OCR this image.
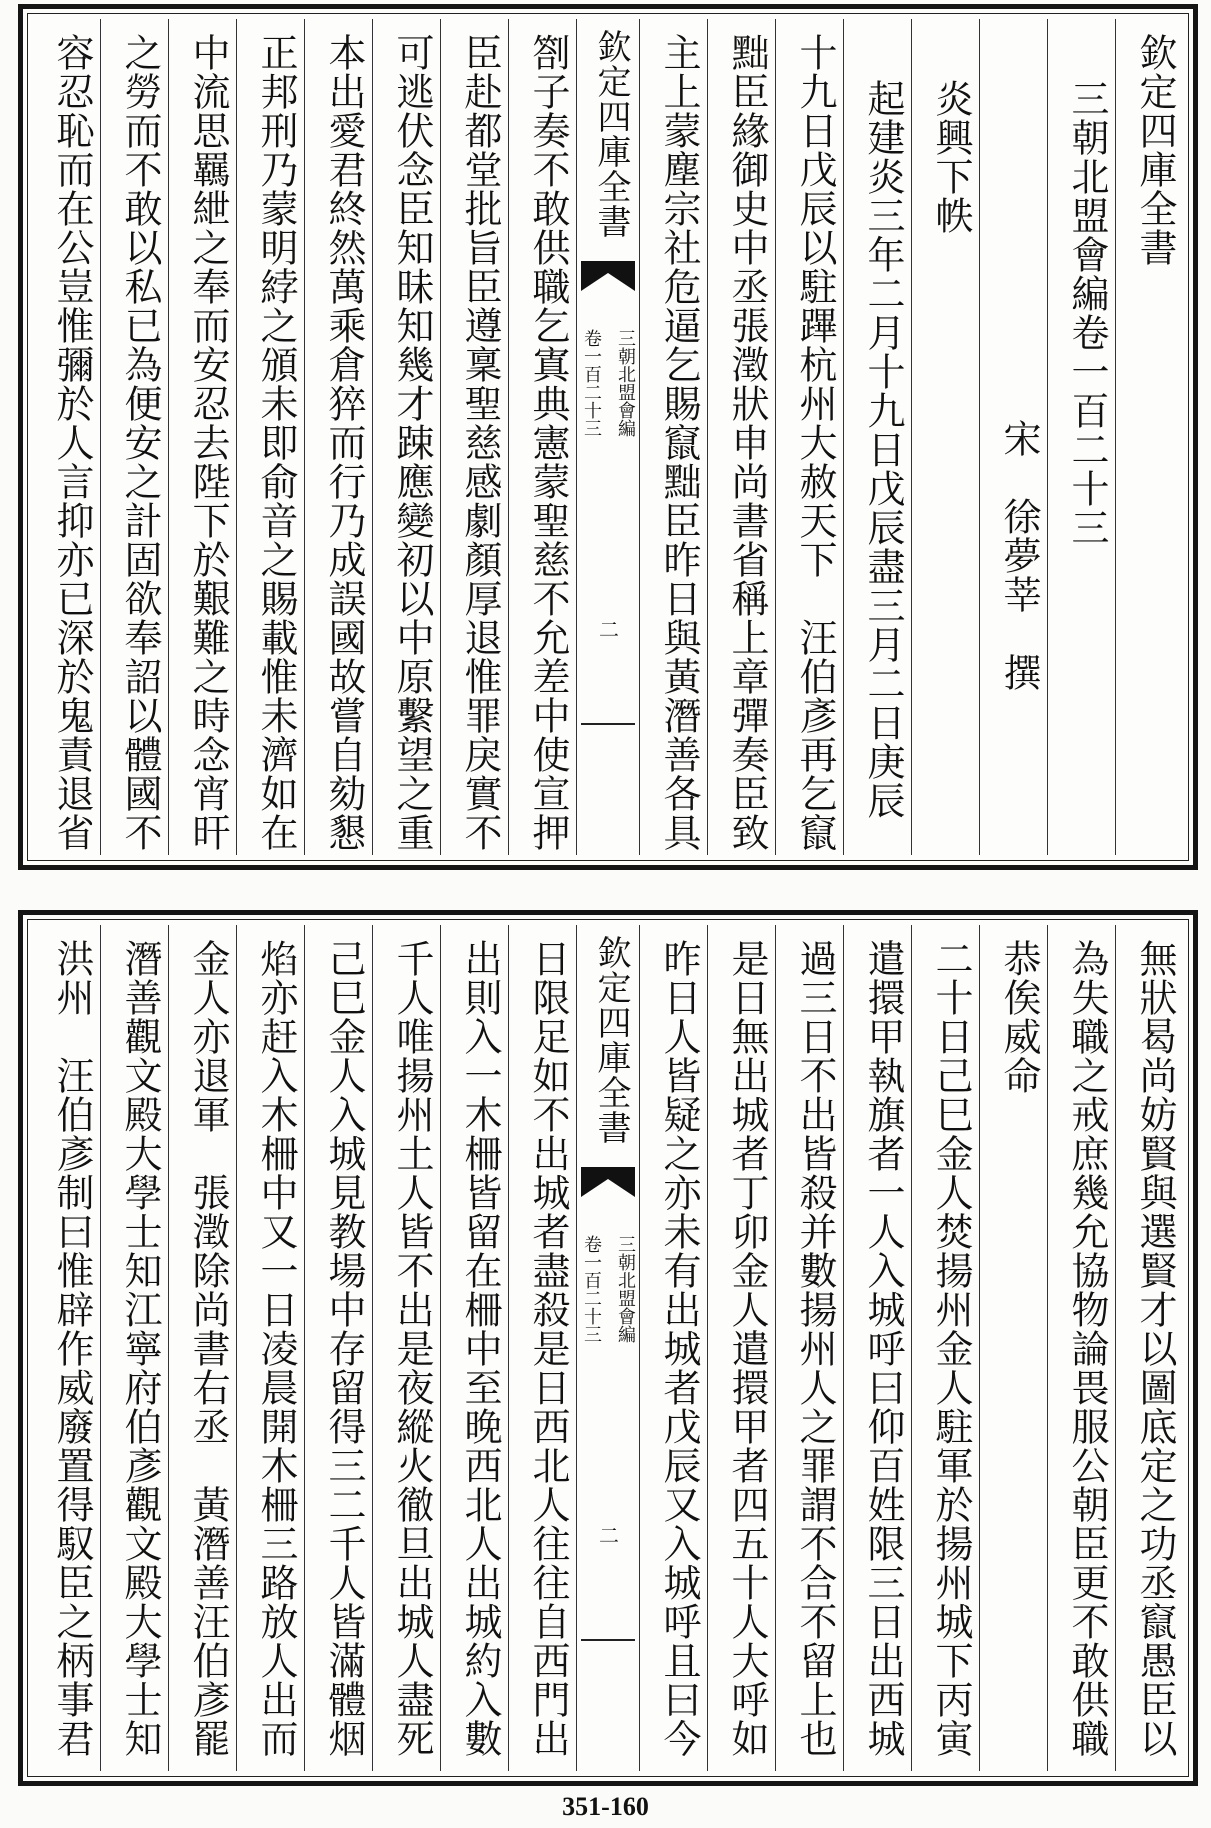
欽定四庫全書
三朝北盟會編卷一百二十三
宋　徐夢莘　撰
炎興下帙
起建炎三年二月十九日戊辰盡三月二日庚辰
十九日戊辰以駐蹕杭州大赦天下　汪伯彥再乞竄
黜臣緣御史中丞張澂狀申尚書省稱上章彈奏臣致
主上蒙塵宗社危逼乞賜竄黜臣昨日與黃潛善各具
欽定四庫全書
三朝北盟會編
卷一百二十三
二
劄子奏不敢供職乞寘典憲蒙聖慈不允差中使宣押
臣赴都堂批旨臣遵稟聖慈感劇顏厚退惟罪戾實不
可逃伏念臣知昧知幾才踈應變初以中原繫望之重
本出愛君終然萬乘倉猝而行乃成誤國故嘗自劾懇
正邦刑乃蒙明綍之頒未即俞音之賜載惟未濟如在
中流思羈紲之奉而安忍去陛下於艱難之時念宵旰
之勞而不敢以私已為便安之計固欲奉詔以體國不
容忍恥而在公豈惟彌於人言抑亦已深於鬼責退省
無狀曷尚妨賢與選賢才以圖底定之功丞竄愚臣以
為失職之戒庶幾允協物論畏服公朝臣更不敢供職
恭俟威命
二十日己巳金人焚揚州金人駐軍於揚州城下丙寅
遣擐甲執旗者一人入城呼曰仰百姓限三日出西城
過三日不出皆殺并數揚州人之罪謂不合不留上也
是日無出城者丁卯金人遣擐甲者四五十人大呼如
昨日人皆疑之亦未有出城者戊辰又入城呼且曰今
欽定四庫全書
三朝北盟會編
卷一百二十三
二
日限足如不出城者盡殺是日西北人往往自西門出
出則入一木柵皆留在柵中至晚西北人出城約入數
千人唯揚州土人皆不出是夜縱火徹旦出城人盡死
己巳金人入城見教場中存留得三二千人皆滿體烟
焰亦赶入木柵中又一日凌晨開木柵三路放人出而
金人亦退軍　張澂除尚書右丞　黃潛善汪伯彥罷
潛善觀文殿大學士知江寧府伯彥觀文殿大學士知
洪州　汪伯彥制曰惟辟作威廢置得馭臣之柄事君
351-160
